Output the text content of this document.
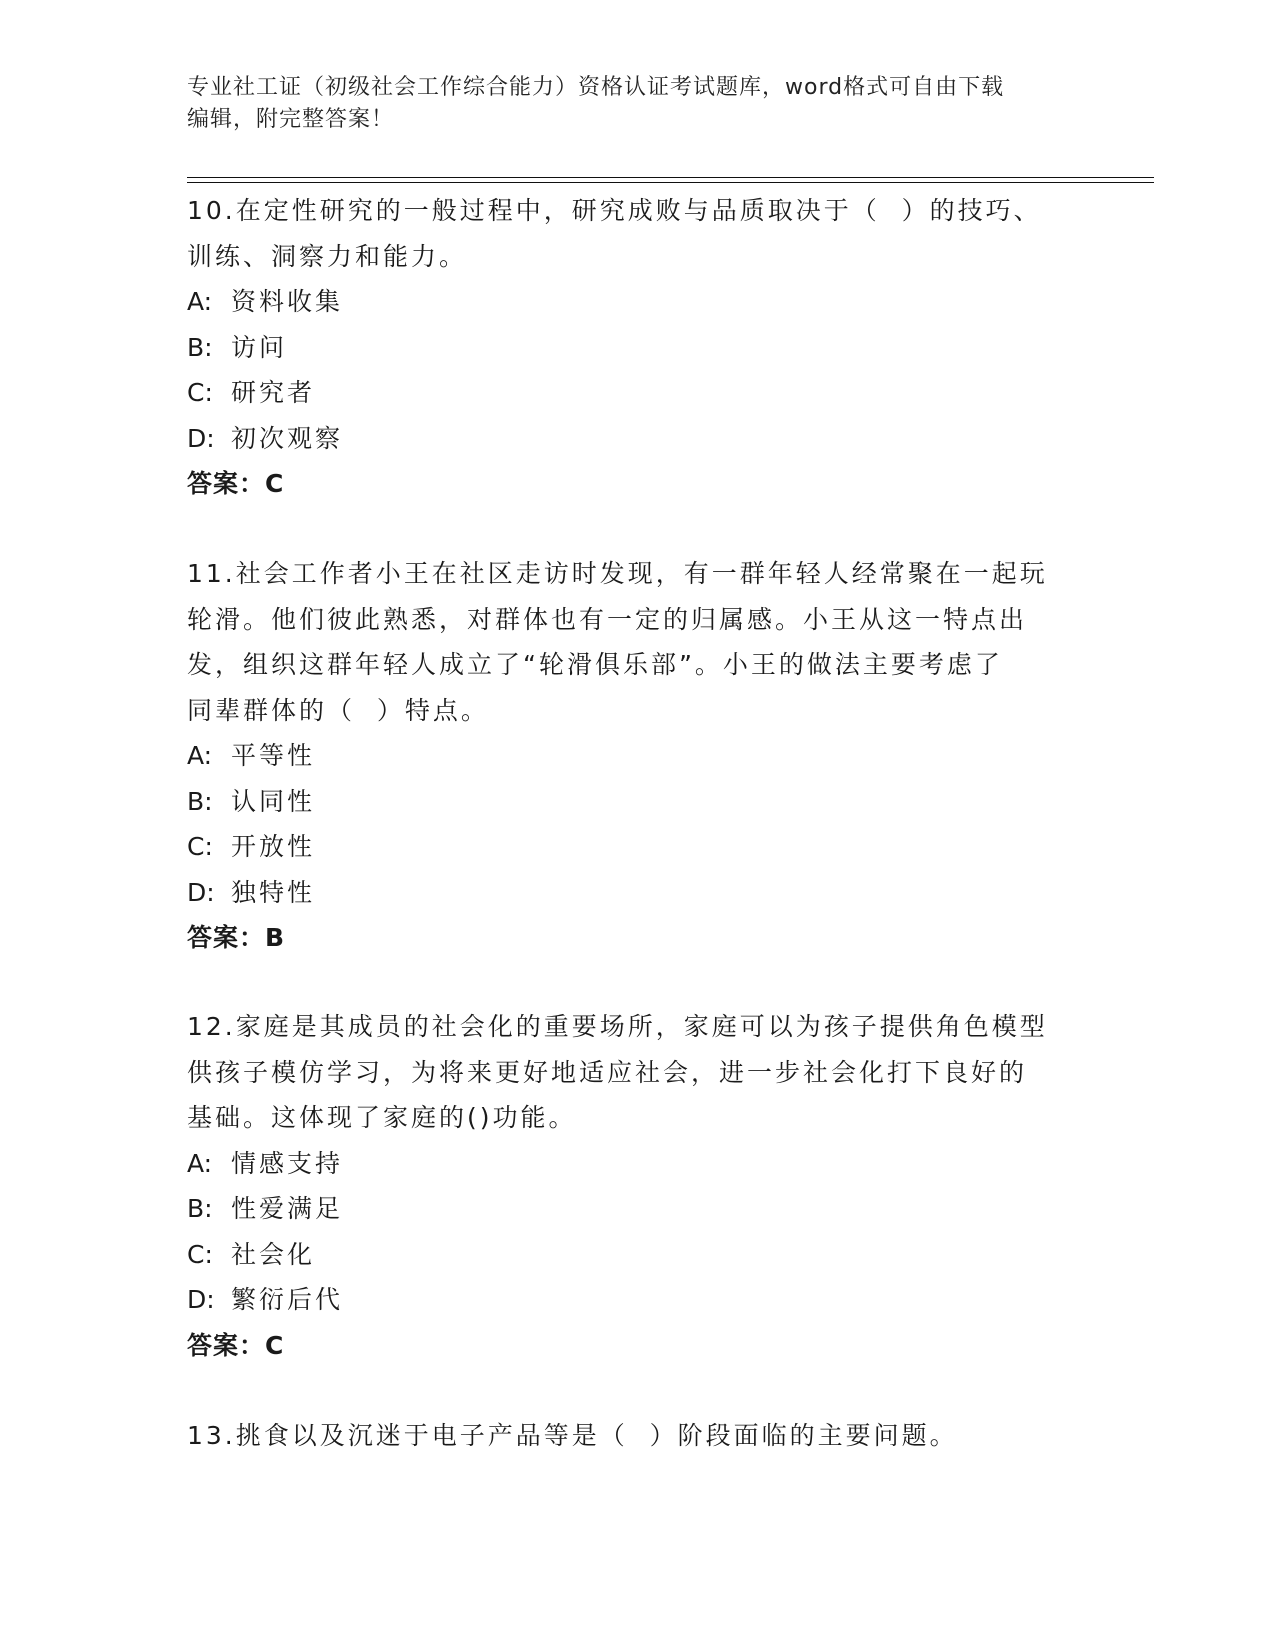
专业社工证（初级社会工作综合能力）资格认证考试题库，word格式可自由下载
编辑，附完整答案！

10.在定性研究的一般过程中，研究成败与品质取决于（  ）的技巧、

训练、洞察力和能力。

A: 资料收集

B: 访问

C: 研究者

D: 初次观察

答案：C

11.社会工作者小王在社区走访时发现，有一群年轻人经常聚在一起玩

轮滑。他们彼此熟悉，对群体也有一定的归属感。小王从这一特点出

发，组织这群年轻人成立了“轮滑俱乐部”。小王的做法主要考虑了

同辈群体的（  ）特点。

A: 平等性

B: 认同性

C: 开放性

D: 独特性

答案：B

12.家庭是其成员的社会化的重要场所，家庭可以为孩子提供角色模型

供孩子模仿学习，为将来更好地适应社会，进一步社会化打下良好的

基础。这体现了家庭的()功能。

A: 情感支持

B: 性爱满足

C: 社会化

D: 繁衍后代

答案：C

13.挑食以及沉迷于电子产品等是（  ）阶段面临的主要问题。
